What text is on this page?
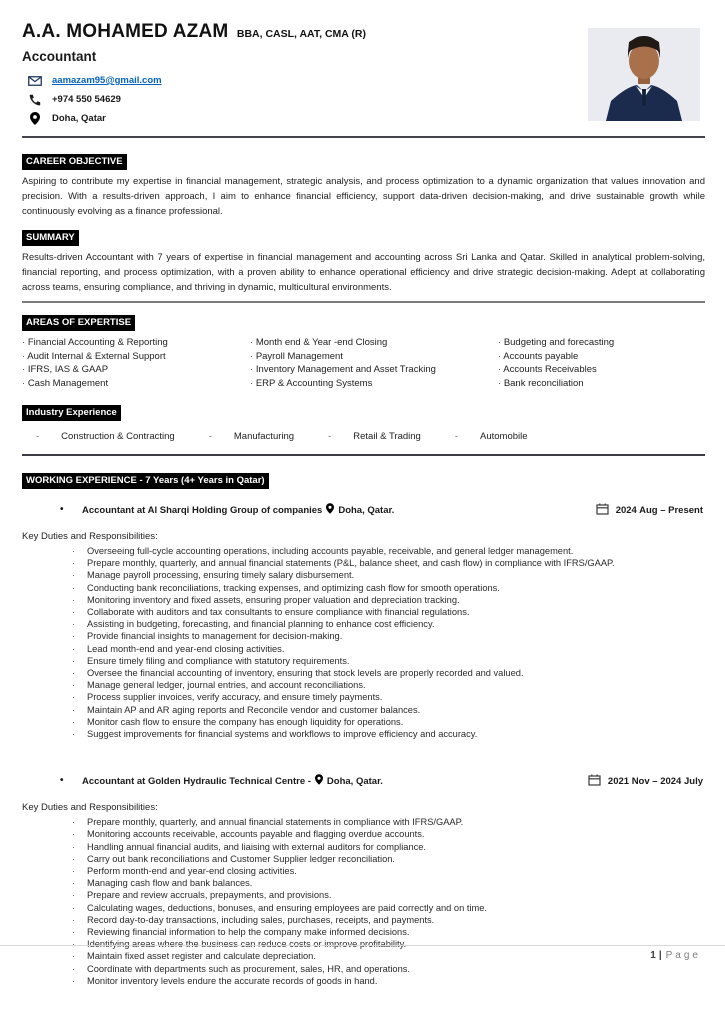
A.A. MOHAMED AZAM BBA, CASL, AAT, CMA (R)
Accountant
aamazam95@gmail.com
+974 550 54629
Doha, Qatar
CAREER OBJECTIVE
Aspiring to contribute my expertise in financial management, strategic analysis, and process optimization to a dynamic organization that values innovation and precision. With a results-driven approach, I aim to enhance financial efficiency, support data-driven decision-making, and drive sustainable growth while continuously evolving as a finance professional.
SUMMARY
Results-driven Accountant with 7 years of expertise in financial management and accounting across Sri Lanka and Qatar. Skilled in analytical problem-solving, financial reporting, and process optimization, with a proven ability to enhance operational efficiency and drive strategic decision-making. Adept at collaborating across teams, ensuring compliance, and thriving in dynamic, multicultural environments.
AREAS OF EXPERTISE
· Financial Accounting & Reporting
· Audit Internal & External Support
· IFRS, IAS & GAAP
· Cash Management
· Month end & Year -end Closing
· Payroll Management
· Inventory Management and Asset Tracking
· ERP & Accounting Systems
· Budgeting and forecasting
· Accounts payable
· Accounts Receivables
· Bank reconciliation
Industry Experience
- Construction & Contracting	- Manufacturing	- Retail & Trading	- Automobile
WORKING EXPERIENCE - 7 Years (4+ Years in Qatar)
•	Accountant at Al Sharqi Holding Group of companies Doha, Qatar.	2024 Aug – Present
Key Duties and Responsibilities:
· Overseeing full-cycle accounting operations, including accounts payable, receivable, and general ledger management.
· Prepare monthly, quarterly, and annual financial statements (P&L, balance sheet, and cash flow) in compliance with IFRS/GAAP.
· Manage payroll processing, ensuring timely salary disbursement.
· Conducting bank reconciliations, tracking expenses, and optimizing cash flow for smooth operations.
· Monitoring inventory and fixed assets, ensuring proper valuation and depreciation tracking.
· Collaborate with auditors and tax consultants to ensure compliance with financial regulations.
· Assisting in budgeting, forecasting, and financial planning to enhance cost efficiency.
· Provide financial insights to management for decision-making.
· Lead month-end and year-end closing activities.
· Ensure timely filing and compliance with statutory requirements.
· Oversee the financial accounting of inventory, ensuring that stock levels are properly recorded and valued.
· Manage general ledger, journal entries, and account reconciliations.
· Process supplier invoices, verify accuracy, and ensure timely payments.
· Maintain AP and AR aging reports and Reconcile vendor and customer balances.
· Monitor cash flow to ensure the company has enough liquidity for operations.
· Suggest improvements for financial systems and workflows to improve efficiency and accuracy.
•	Accountant at Golden Hydraulic Technical Centre - Doha, Qatar.	2021 Nov – 2024 July
Key Duties and Responsibilities:
· Prepare monthly, quarterly, and annual financial statements in compliance with IFRS/GAAP.
· Monitoring accounts receivable, accounts payable and flagging overdue accounts.
· Handling annual financial audits, and liaising with external auditors for compliance.
· Carry out bank reconciliations and Customer Supplier ledger reconciliation.
· Perform month-end and year-end closing activities.
· Managing cash flow and bank balances.
· Prepare and review accruals, prepayments, and provisions.
· Calculating wages, deductions, bonuses, and ensuring employees are paid correctly and on time.
· Record day-to-day transactions, including sales, purchases, receipts, and payments.
· Reviewing financial information to help the company make informed decisions.
· Identifying areas where the business can reduce costs or improve profitability.
· Maintain fixed asset register and calculate depreciation.
· Coordinate with departments such as procurement, sales, HR, and operations.
· Monitor inventory levels endure the accurate records of goods in hand.
1 | Page
